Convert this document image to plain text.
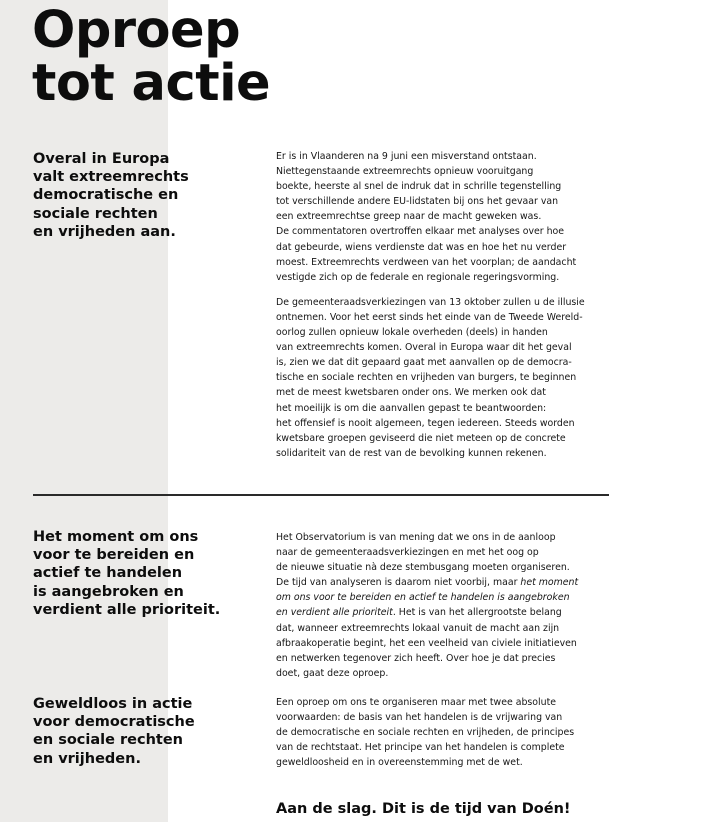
Oproep
tot actie
Overal in Europa
valt extreemrechts
democratische en
sociale rechten
en vrijheden aan.
Er is in Vlaanderen na 9 juni een misverstand ontstaan.
Niettegenstaande extreemrechts opnieuw vooruitgang
boekte, heerste al snel de indruk dat in schrille tegenstelling
tot verschillende andere EU-lidstaten bij ons het gevaar van
een extreemrechtse greep naar de macht geweken was.
De commentatoren overtroffen elkaar met analyses over hoe
dat gebeurde, wiens verdienste dat was en hoe het nu verder
moest. Extreemrechts verdween van het voorplan; de aandacht
vestigde zich op de federale en regionale regeringsvorming.
De gemeenteraadsverkiezingen van 13 oktober zullen u de illusie
ontnemen. Voor het eerst sinds het einde van de Tweede Wereld-
oorlog zullen opnieuw lokale overheden (deels) in handen
van extreemrechts komen. Overal in Europa waar dit het geval
is, zien we dat dit gepaard gaat met aanvallen op de democra-
tische en sociale rechten en vrijheden van burgers, te beginnen
met de meest kwetsbaren onder ons. We merken ook dat
het moeilijk is om die aanvallen gepast te beantwoorden:
het offensief is nooit algemeen, tegen iedereen. Steeds worden
kwetsbare groepen geviseerd die niet meteen op de concrete
solidariteit van de rest van de bevolking kunnen rekenen.
Het moment om ons
voor te bereiden en
actief te handelen
is aangebroken en
verdient alle prioriteit.
Het Observatorium is van mening dat we ons in de aanloop
naar de gemeenteraadsverkiezingen en met het oog op
de nieuwe situatie nà deze stembusgang moeten organiseren.
De tijd van analyseren is daarom niet voorbij, maar het moment
om ons voor te bereiden en actief te handelen is aangebroken
en verdient alle prioriteit. Het is van het allergrootste belang
dat, wanneer extreemrechts lokaal vanuit de macht aan zijn
afbraakoperatie begint, het een veelheid van civiele initiatieven
en netwerken tegenover zich heeft. Over hoe je dat precies
doet, gaat deze oproep.
Geweldloos in actie
voor democratische
en sociale rechten
en vrijheden.
Een oproep om ons te organiseren maar met twee absolute
voorwaarden: de basis van het handelen is de vrijwaring van
de democratische en sociale rechten en vrijheden, de principes
van de rechtstaat. Het principe van het handelen is complete
geweldloosheid en in overeenstemming met de wet.

Aan de slag. Dit is de tijd van Doén!
